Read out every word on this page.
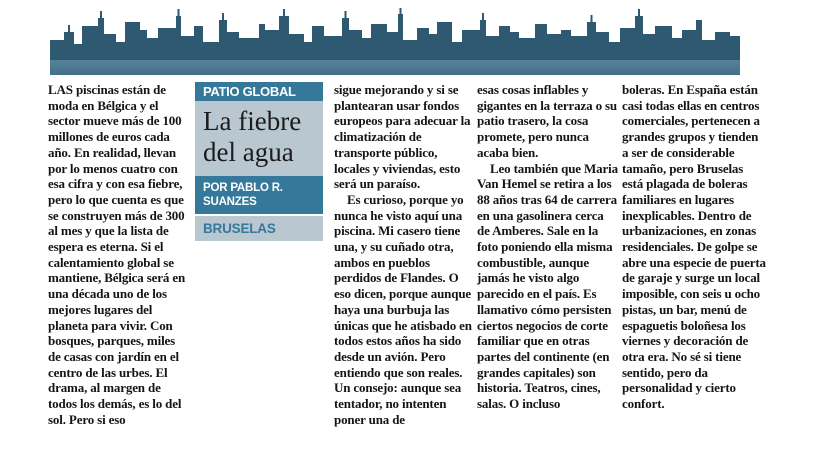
LAS piscinas están de moda en Bélgica y el sector mueve más de 100 millones de euros cada año. En realidad, llevan por lo menos cuatro con esa cifra y con esa fiebre, pero lo que cuenta es que se construyen más de 300 al mes y que la lista de espera es eterna. Si el calentamiento global se mantiene, Bélgica será en una década uno de los mejores lugares del planeta para vivir. Con bosques, parques, miles de casas con jardín en el centro de las urbes. El drama, al margen de todos los demás, es lo del sol. Pero si eso

PATIO GLOBAL
La fiebre del agua
POR PABLO R. SUANZES
BRUSELAS

sigue mejorando y si se plantearan usar fondos europeos para adecuar la climatización de transporte público, locales y viviendas, esto será un paraíso.

Es curioso, porque yo nunca he visto aquí una piscina. Mi casero tiene una, y su cuñado otra, ambos en pueblos perdidos de Flandes. O eso dicen, porque aunque haya una burbuja las únicas que he atisbado en todos estos años ha sido desde un avión. Pero entiendo que son reales. Un consejo: aunque sea tentador, no intenten poner una de

esas cosas inflables y gigantes en la terraza o su patio trasero, la cosa promete, pero nunca acaba bien.

Leo también que Maria Van Hemel se retira a los 88 años tras 64 de carrera en una gasolinera cerca de Amberes. Sale en la foto poniendo ella misma combustible, aunque jamás he visto algo parecido en el país. Es llamativo cómo persisten ciertos negocios de corte familiar que en otras partes del continente (en grandes capitales) son historia. Teatros, cines, salas. O incluso

boleras. En España están casi todas ellas en centros comerciales, pertenecen a grandes grupos y tienden a ser de considerable tamaño, pero Bruselas está plagada de boleras familiares en lugares inexplicables. Dentro de urbanizaciones, en zonas residenciales. De golpe se abre una especie de puerta de garaje y surge un local imposible, con seis u ocho pistas, un bar, menú de espaguetis boloñesa los viernes y decoración de otra era. No sé si tiene sentido, pero da personalidad y cierto confort.
